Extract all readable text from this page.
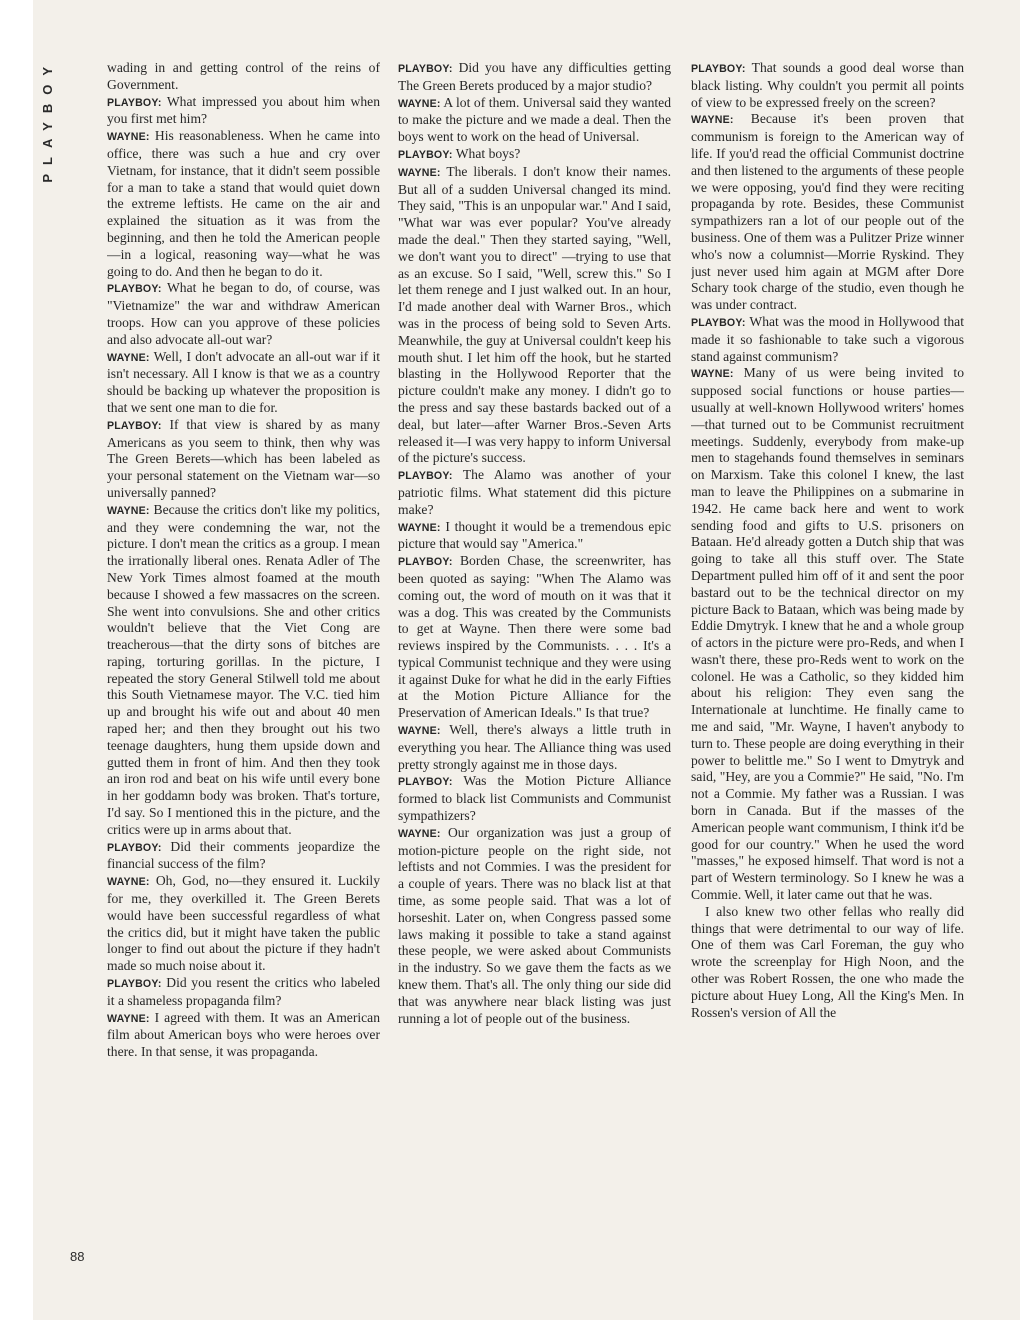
PLAYBOY
88

wading in and getting control of the reins of Government.

PLAYBOY: What impressed you about him when you first met him?

WAYNE: His reasonableness. When he came into office, there was such a hue and cry over Vietnam, for instance, that it didn't seem possible for a man to take a stand that would quiet down the extreme leftists. He came on the air and explained the situation as it was from the beginning, and then he told the American people—in a logical, reasoning way—what he was going to do. And then he began to do it.

PLAYBOY: What he began to do, of course, was "Vietnamize" the war and withdraw American troops. How can you approve of these policies and also advocate all-out war?

WAYNE: Well, I don't advocate an all-out war if it isn't necessary. All I know is that we as a country should be backing up whatever the proposition is that we sent one man to die for.

PLAYBOY: If that view is shared by as many Americans as you seem to think, then why was The Green Berets—which has been labeled as your personal statement on the Vietnam war—so universally panned?

WAYNE: Because the critics don't like my politics, and they were condemning the war, not the picture. I don't mean the critics as a group. I mean the irrationally liberal ones. Renata Adler of The New York Times almost foamed at the mouth because I showed a few massacres on the screen. She went into convulsions. She and other critics wouldn't believe that the Viet Cong are treacherous—that the dirty sons of bitches are raping, torturing gorillas. In the picture, I repeated the story General Stilwell told me about this South Vietnamese mayor. The V.C. tied him up and brought his wife out and about 40 men raped her; and then they brought out his two teenage daughters, hung them upside down and gutted them in front of him. And then they took an iron rod and beat on his wife until every bone in her goddamn body was broken. That's torture, I'd say. So I mentioned this in the picture, and the critics were up in arms about that.

PLAYBOY: Did their comments jeopardize the financial success of the film?

WAYNE: Oh, God, no—they ensured it. Luckily for me, they overkilled it. The Green Berets would have been successful regardless of what the critics did, but it might have taken the public longer to find out about the picture if they hadn't made so much noise about it.

PLAYBOY: Did you resent the critics who labeled it a shameless propaganda film?

WAYNE: I agreed with them. It was an American film about American boys who were heroes over there. In that sense, it was propaganda.

PLAYBOY: Did you have any difficulties getting The Green Berets produced by a major studio?

WAYNE: A lot of them. Universal said they wanted to make the picture and we made a deal. Then the boys went to work on the head of Universal.

PLAYBOY: What boys?

WAYNE: The liberals. I don't know their names. But all of a sudden Universal changed its mind. They said, "This is an unpopular war." And I said, "What war was ever popular? You've already made the deal." Then they started saying, "Well, we don't want you to direct" —trying to use that as an excuse. So I said, "Well, screw this." So I let them renege and I just walked out. In an hour, I'd made another deal with Warner Bros., which was in the process of being sold to Seven Arts. Meanwhile, the guy at Universal couldn't keep his mouth shut. I let him off the hook, but he started blasting in the Hollywood Reporter that the picture couldn't make any money. I didn't go to the press and say these bastards backed out of a deal, but later—after Warner Bros.-Seven Arts released it—I was very happy to inform Universal of the picture's success.

PLAYBOY: The Alamo was another of your patriotic films. What statement did this picture make?

WAYNE: I thought it would be a tremendous epic picture that would say "America."

PLAYBOY: Borden Chase, the screenwriter, has been quoted as saying: "When The Alamo was coming out, the word of mouth on it was that it was a dog. This was created by the Communists to get at Wayne. Then there were some bad reviews inspired by the Communists. . . . It's a typical Communist technique and they were using it against Duke for what he did in the early Fifties at the Motion Picture Alliance for the Preservation of American Ideals." Is that true?

WAYNE: Well, there's always a little truth in everything you hear. The Alliance thing was used pretty strongly against me in those days.

PLAYBOY: Was the Motion Picture Alliance formed to black list Communists and Communist sympathizers?

WAYNE: Our organization was just a group of motion-picture people on the right side, not leftists and not Commies. I was the president for a couple of years. There was no black list at that time, as some people said. That was a lot of horseshit. Later on, when Congress passed some laws making it possible to take a stand against these people, we were asked about Communists in the industry. So we gave them the facts as we knew them. That's all. The only thing our side did that was anywhere near black listing was just running a lot of people out of the business.

PLAYBOY: That sounds a good deal worse than black listing. Why couldn't you permit all points of view to be expressed freely on the screen?

WAYNE: Because it's been proven that communism is foreign to the American way of life. If you'd read the official Communist doctrine and then listened to the arguments of these people we were opposing, you'd find they were reciting propaganda by rote. Besides, these Communist sympathizers ran a lot of our people out of the business. One of them was a Pulitzer Prize winner who's now a columnist—Morrie Ryskind. They just never used him again at MGM after Dore Schary took charge of the studio, even though he was under contract.

PLAYBOY: What was the mood in Hollywood that made it so fashionable to take such a vigorous stand against communism?

WAYNE: Many of us were being invited to supposed social functions or house parties—usually at well-known Hollywood writers' homes—that turned out to be Communist recruitment meetings. Suddenly, everybody from make-up men to stagehands found themselves in seminars on Marxism. Take this colonel I knew, the last man to leave the Philippines on a submarine in 1942. He came back here and went to work sending food and gifts to U.S. prisoners on Bataan. He'd already gotten a Dutch ship that was going to take all this stuff over. The State Department pulled him off of it and sent the poor bastard out to be the technical director on my picture Back to Bataan, which was being made by Eddie Dmytryk. I knew that he and a whole group of actors in the picture were pro-Reds, and when I wasn't there, these pro-Reds went to work on the colonel. He was a Catholic, so they kidded him about his religion: They even sang the Internationale at lunchtime. He finally came to me and said, "Mr. Wayne, I haven't anybody to turn to. These people are doing everything in their power to belittle me." So I went to Dmytryk and said, "Hey, are you a Commie?" He said, "No. I'm not a Commie. My father was a Russian. I was born in Canada. But if the masses of the American people want communism, I think it'd be good for our country." When he used the word "masses," he exposed himself. That word is not a part of Western terminology. So I knew he was a Commie. Well, it later came out that he was.

I also knew two other fellas who really did things that were detrimental to our way of life. One of them was Carl Foreman, the guy who wrote the screenplay for High Noon, and the other was Robert Rossen, the one who made the picture about Huey Long, All the King's Men. In Rossen's version of All the
